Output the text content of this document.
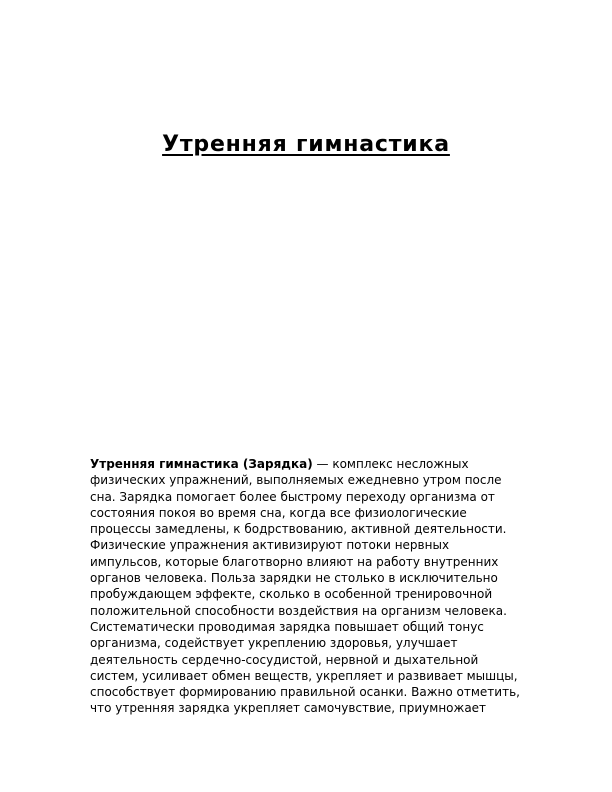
Утренняя гимнастика
Утренняя гимнастика (Зарядка) — комплекс несложных
физических упражнений, выполняемых ежедневно утром после
сна. Зарядка помогает более быстрому переходу организма от
состояния покоя во время сна, когда все физиологические
процессы замедлены, к бодрствованию, активной деятельности.
Физические упражнения активизируют потоки нервных
импульсов, которые благотворно влияют на работу внутренних
органов человека. Польза зарядки не столько в исключительно
пробуждающем эффекте, сколько в особенной тренировочной
положительной способности воздействия на организм человека.
Систематически проводимая зарядка повышает общий тонус
организма, содействует укреплению здоровья, улучшает
деятельность сердечно-сосудистой, нервной и дыхательной
систем, усиливает обмен веществ, укрепляет и развивает мышцы,
способствует формированию правильной осанки. Важно отметить,
что утренняя зарядка укрепляет самочувствие, приумножает
